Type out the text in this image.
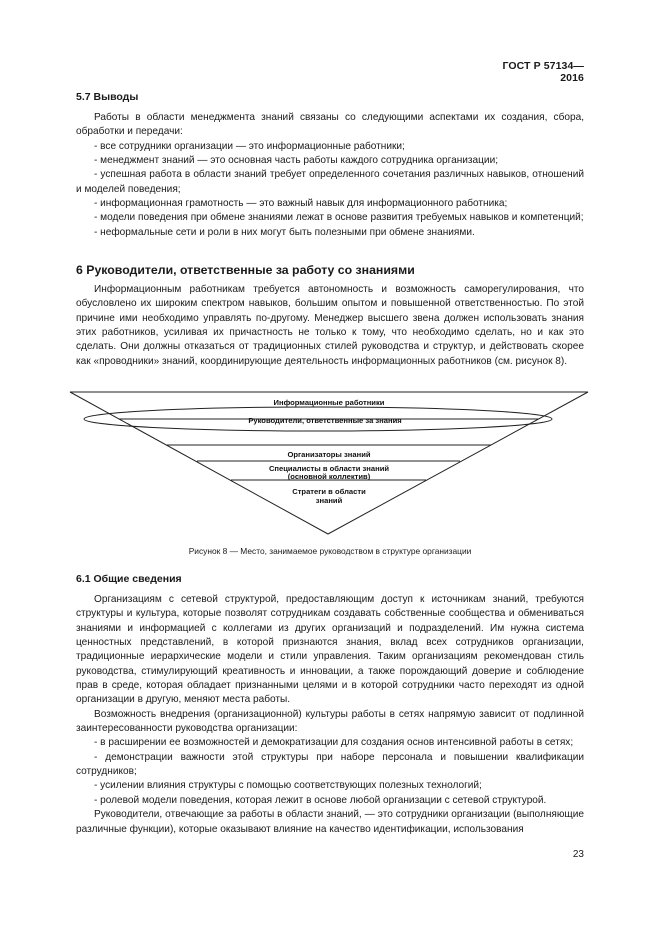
ГОСТ Р 57134—2016
5.7 Выводы

Работы в области менеджмента знаний связаны со следующими аспектами их создания, сбора, обработки и передачи:

- все сотрудники организации — это информационные работники;

- менеджмент знаний — это основная часть работы каждого сотрудника организации;

- успешная работа в области знаний требует определенного сочетания различных навыков, отношений и моделей поведения;

- информационная грамотность — это важный навык для информационного работника;

- модели поведения при обмене знаниями лежат в основе развития требуемых навыков и компетенций;

- неформальные сети и роли в них могут быть полезными при обмене знаниями.

6 Руководители, ответственные за работу со знаниями

Информационным работникам требуется автономность и возможность саморегулирования, что обусловлено их широким спектром навыков, большим опытом и повышенной ответственностью. По этой причине ими необходимо управлять по-другому. Менеджер высшего звена должен использовать знания этих работников, усиливая их причастность не только к тому, что необходимо сделать, но и как это сделать. Они должны отказаться от традиционных стилей руководства и структур, и действовать скорее как «проводники» знаний, координирующие деятельность информационных работников (см. рисунок 8).

Информационные работники
Руководители, ответственные за знания
Организаторы знаний
Специалисты в области знаний
(основной коллектив)
Стратеги в области
знаний
Рисунок 8 — Место, занимаемое руководством в структуре организации
6.1 Общие сведения

Организациям с сетевой структурой, предоставляющим доступ к источникам знаний, требуются структуры и культура, которые позволят сотрудникам создавать собственные сообщества и обмениваться знаниями и информацией с коллегами из других организаций и подразделений. Им нужна система ценностных представлений, в которой признаются знания, вклад всех сотрудников организации, традиционные иерархические модели и стили управления. Таким организациям рекомендован стиль руководства, стимулирующий креативность и инновации, а также порождающий доверие и соблюдение прав в среде, которая обладает признанными целями и в которой сотрудники часто переходят из одной организации в другую, меняют места работы.

Возможность внедрения (организационной) культуры работы в сетях напрямую зависит от подлинной заинтересованности руководства организации:

- в расширении ее возможностей и демократизации для создания основ интенсивной работы в сетях;

- демонстрации важности этой структуры при наборе персонала и повышении квалификации сотрудников;

- усилении влияния структуры с помощью соответствующих полезных технологий;

- ролевой модели поведения, которая лежит в основе любой организации с сетевой структурой.

Руководители, отвечающие за работы в области знаний, — это сотрудники организации (выполняющие различные функции), которые оказывают влияние на качество идентификации, использования

23
